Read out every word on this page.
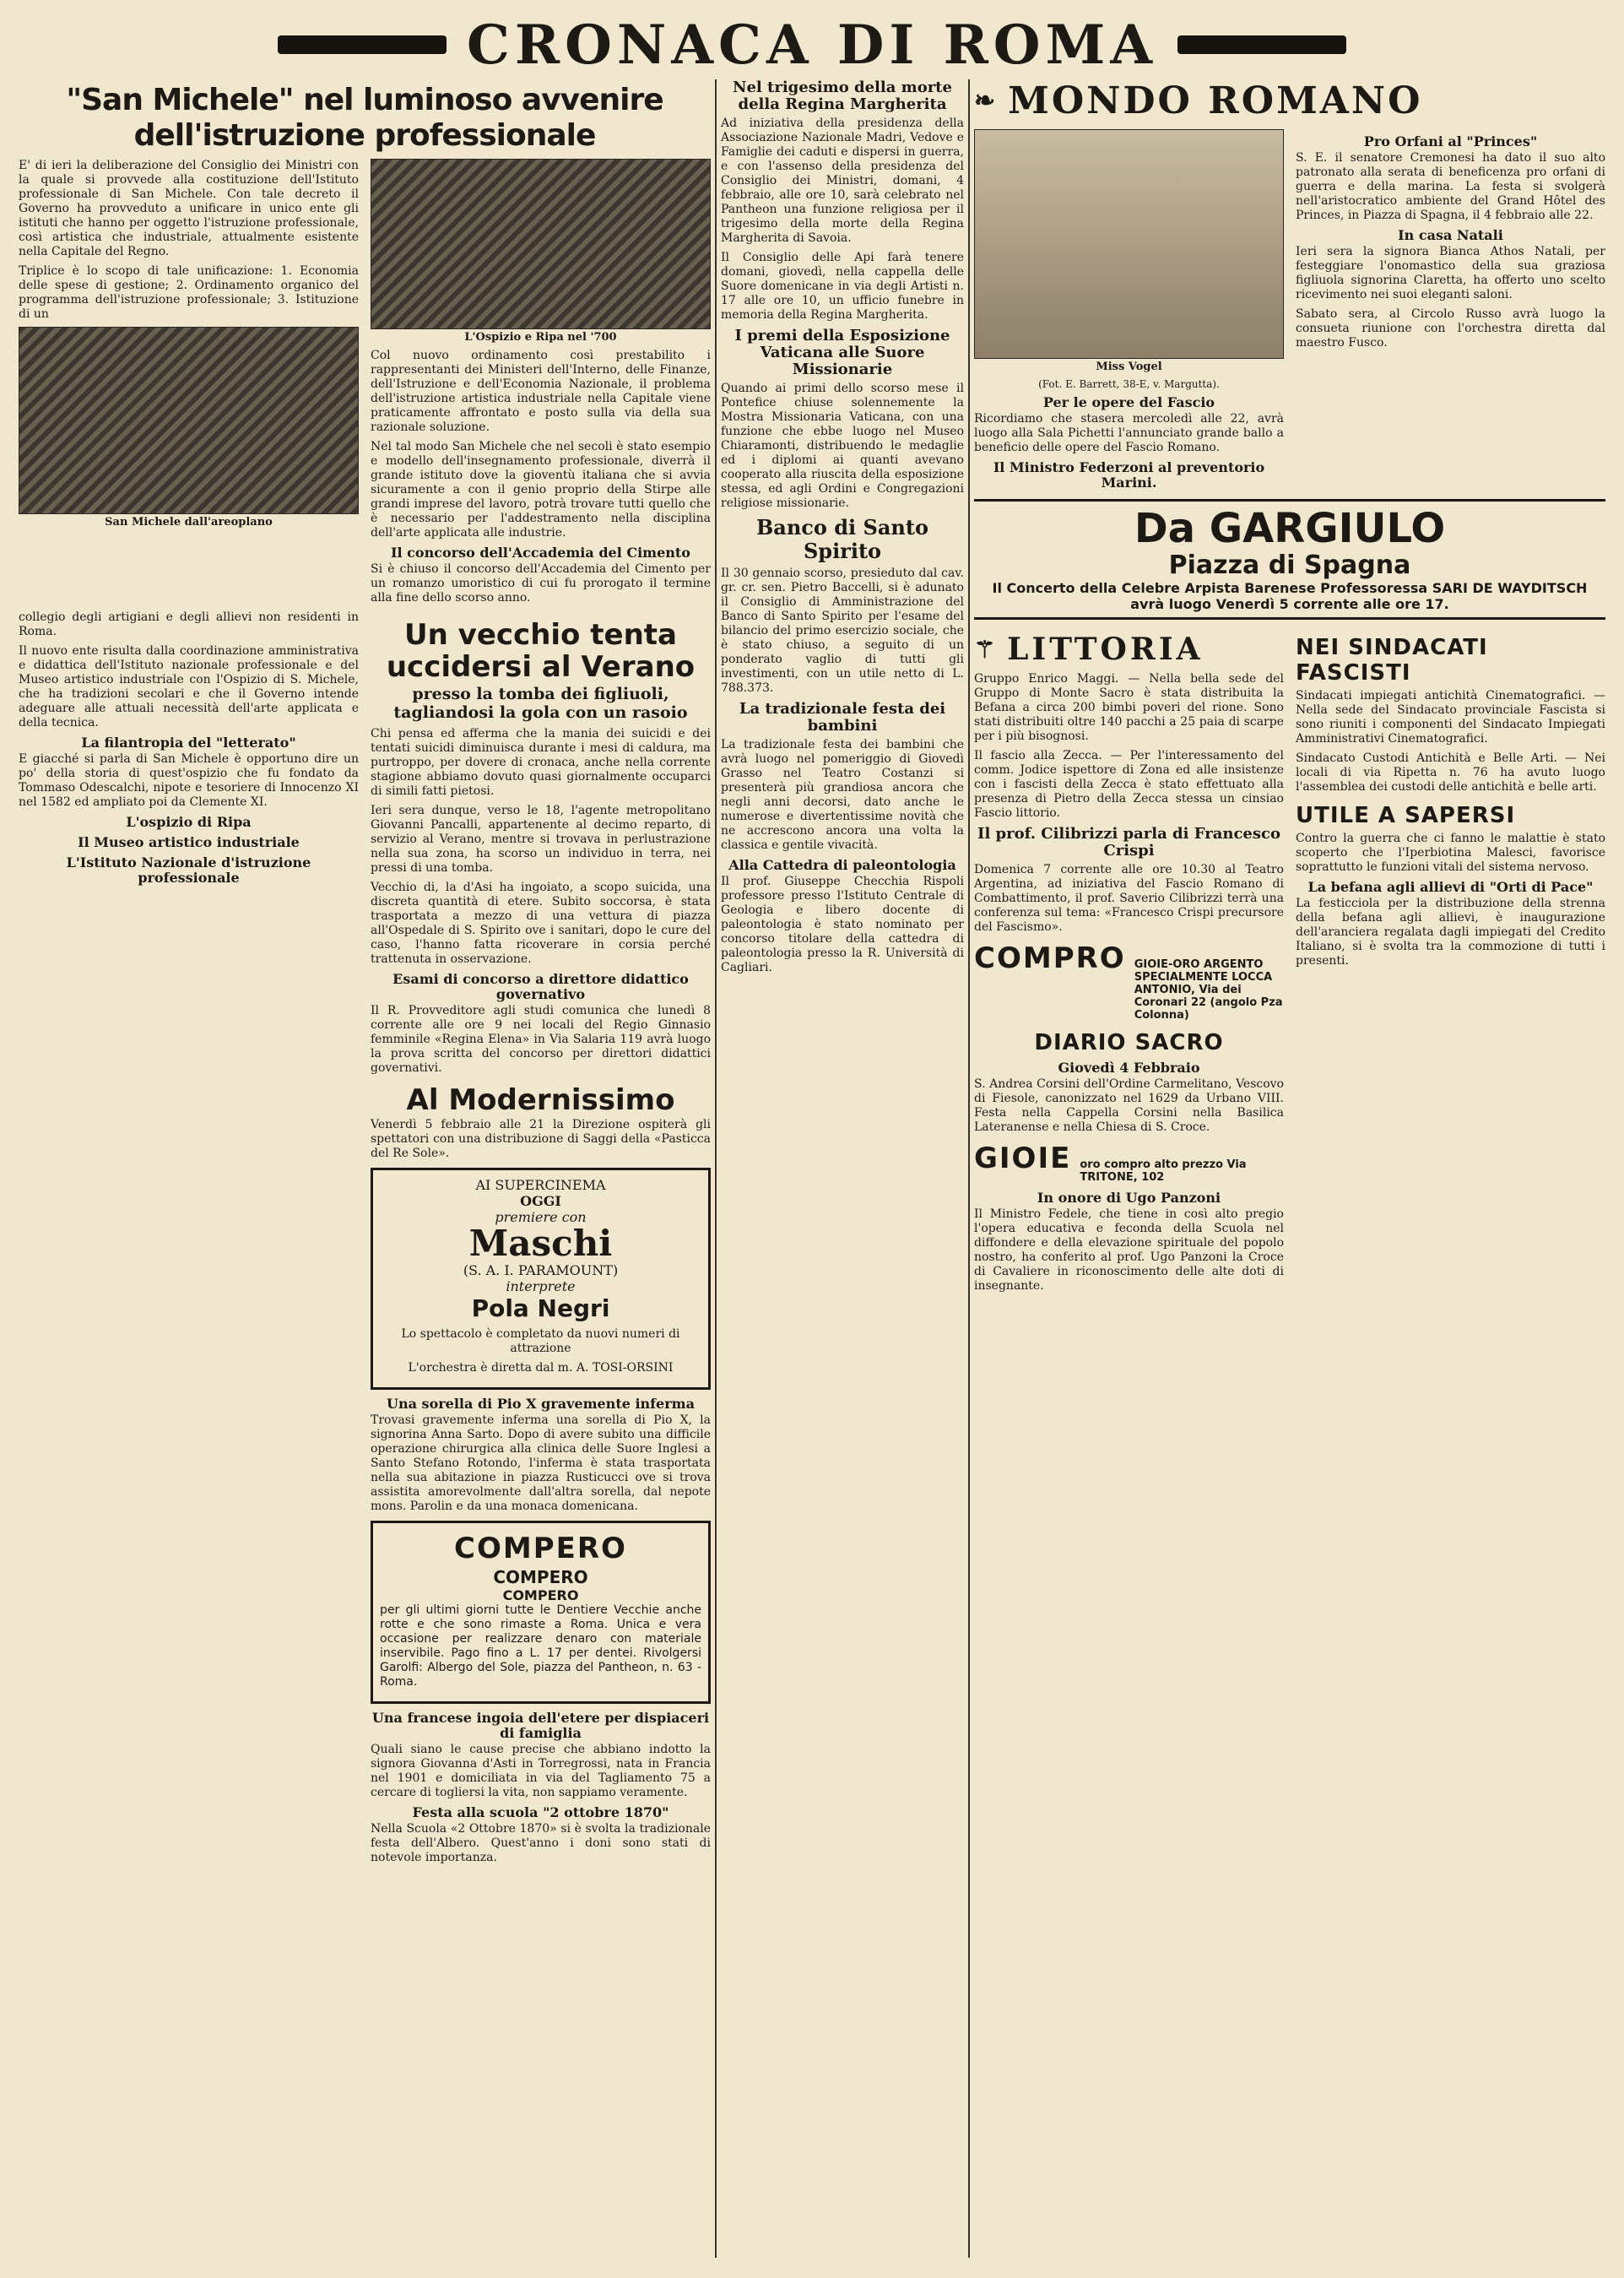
CRONACA DI ROMA
"San Michele" nel luminoso avvenire dell'istruzione professionale

E' di ieri la deliberazione del Consiglio dei Ministri con la quale si provvede alla costituzione dell'Istituto professionale di San Michele. Con tale decreto il Governo ha provveduto a unificare in unico ente gli istituti che hanno per oggetto l'istruzione professionale, così artistica che industriale, attualmente esistente nella Capitale del Regno.

Triplice è lo scopo di tale unificazione: 1. Economia delle spese di gestione; 2. Ordinamento organico del programma dell'istruzione professionale; 3. Istituzione di un

San Michele dall'areoplano
L'Ospizio e Ripa nel '700

Col nuovo ordinamento così prestabilito i rappresentanti dei Ministeri dell'Interno, delle Finanze, dell'Istruzione e dell'Economia Nazionale, il problema dell'istruzione artistica industriale nella Capitale viene praticamente affrontato e posto sulla via della sua razionale soluzione.

Nel tal modo San Michele che nel secoli è stato esempio e modello dell'insegnamento professionale, diverrà il grande istituto dove la gioventù italiana che si avvia sicuramente a con il genio proprio della Stirpe alle grandi imprese del lavoro, potrà trovare tutti quello che è necessario per l'addestramento nella disciplina dell'arte applicata alle industrie.

Il concorso dell'Accademia del Cimento

Si è chiuso il concorso dell'Accademia del Cimento per un romanzo umoristico di cui fu prorogato il termine alla fine dello scorso anno.

collegio degli artigiani e degli allievi non residenti in Roma.

Il nuovo ente risulta dalla coordinazione amministrativa e didattica dell'Istituto nazionale professionale e del Museo artistico industriale con l'Ospizio di S. Michele, che ha tradizioni secolari e che il Governo intende adeguare alle attuali necessità dell'arte applicata e della tecnica.

La filantropia del "letterato"

E giacché si parla di San Michele è opportuno dire un po' della storia di quest'ospizio che fu fondato da Tommaso Odescalchi, nipote e tesoriere di Innocenzo XI nel 1582 ed ampliato poi da Clemente XI.

L'ospizio di Ripa
Il Museo artistico industriale
L'Istituto Nazionale d'istruzione professionale
Un vecchio tenta uccidersi al Verano
presso la tomba dei figliuoli, tagliandosi la gola con un rasoio

Chi pensa ed afferma che la mania dei suicidi e dei tentati suicidi diminuisca durante i mesi di caldura, ma purtroppo, per dovere di cronaca, anche nella corrente stagione abbiamo dovuto quasi giornalmente occuparci di simili fatti pietosi.

Ieri sera dunque, verso le 18, l'agente metropolitano Giovanni Pancalli, appartenente al decimo reparto, di servizio al Verano, mentre si trovava in perlustrazione nella sua zona, ha scorso un individuo in terra, nei pressi di una tomba.

Vecchio di, la d'Asi ha ingoiato, a scopo suicida, una discreta quantità di etere. Subito soccorsa, è stata trasportata a mezzo di una vettura di piazza all'Ospedale di S. Spirito ove i sanitari, dopo le cure del caso, l'hanno fatta ricoverare in corsia perché trattenuta in osservazione.

Esami di concorso a direttore didattico governativo

Il R. Provveditore agli studi comunica che lunedì 8 corrente alle ore 9 nei locali del Regio Ginnasio femminile «Regina Elena» in Via Salaria 119 avrà luogo la prova scritta del concorso per direttori didattici governativi.

Al Modernissimo

Venerdì 5 febbraio alle 21 la Direzione ospiterà gli spettatori con una distribuzione di Saggi della «Pasticca del Re Sole».

AI SUPERCINEMA
OGGI
premiere con
Maschi
(S. A. I. PARAMOUNT)
interprete
Pola Negri

Lo spettacolo è completato da nuovi numeri di attrazione

L'orchestra è diretta dal m. A. TOSI-ORSINI

Una sorella di Pio X gravemente inferma

Trovasi gravemente inferma una sorella di Pio X, la signorina Anna Sarto. Dopo di avere subito una difficile operazione chirurgica alla clinica delle Suore Inglesi a Santo Stefano Rotondo, l'inferma è stata trasportata nella sua abitazione in piazza Rusticucci ove si trova assistita amorevolmente dall'altra sorella, dal nepote mons. Parolin e da una monaca domenicana.

COMPERO
COMPERO
COMPERO

per gli ultimi giorni tutte le Dentiere Vecchie anche rotte e che sono rimaste a Roma. Unica e vera occasione per realizzare denaro con materiale inservibile. Pago fino a L. 17 per dentei. Rivolgersi Garolfi: Albergo del Sole, piazza del Pantheon, n. 63 - Roma.

Una francese ingoia dell'etere per dispiaceri di famiglia

Quali siano le cause precise che abbiano indotto la signora Giovanna d'Asti in Torregrossi, nata in Francia nel 1901 e domiciliata in via del Tagliamento 75 a cercare di togliersi la vita, non sappiamo veramente.

Festa alla scuola "2 ottobre 1870"

Nella Scuola «2 Ottobre 1870» si è svolta la tradizionale festa dell'Albero. Quest'anno i doni sono stati di notevole importanza.

Nel trigesimo della morte della Regina Margherita

Ad iniziativa della presidenza della Associazione Nazionale Madri, Vedove e Famiglie dei caduti e dispersi in guerra, e con l'assenso della presidenza del Consiglio dei Ministri, domani, 4 febbraio, alle ore 10, sarà celebrato nel Pantheon una funzione religiosa per il trigesimo della morte della Regina Margherita di Savoia.

Il Consiglio delle Api farà tenere domani, giovedì, nella cappella delle Suore domenicane in via degli Artisti n. 17 alle ore 10, un ufficio funebre in memoria della Regina Margherita.

I premi della Esposizione Vaticana alle Suore Missionarie

Quando ai primi dello scorso mese il Pontefice chiuse solennemente la Mostra Missionaria Vaticana, con una funzione che ebbe luogo nel Museo Chiaramonti, distribuendo le medaglie ed i diplomi ai quanti avevano cooperato alla riuscita della esposizione stessa, ed agli Ordini e Congregazioni religiose missionarie.

Banco di Santo Spirito

Il 30 gennaio scorso, presieduto dal cav. gr. cr. sen. Pietro Baccelli, si è adunato il Consiglio di Amministrazione del Banco di Santo Spirito per l'esame del bilancio del primo esercizio sociale, che è stato chiuso, a seguito di un ponderato vaglio di tutti gli investimenti, con un utile netto di L. 788.373.

La tradizionale festa dei bambini

La tradizionale festa dei bambini che avrà luogo nel pomeriggio di Giovedì Grasso nel Teatro Costanzi si presenterà più grandiosa ancora che negli anni decorsi, dato anche le numerose e divertentissime novità che ne accrescono ancora una volta la classica e gentile vivacità.

Alla Cattedra di paleontologia

Il prof. Giuseppe Checchia Rispoli professore presso l'Istituto Centrale di Geologia e libero docente di paleontologia è stato nominato per concorso titolare della cattedra di paleontologia presso la R. Università di Cagliari.

❧ MONDO ROMANO
Miss Vogel
(Fot. E. Barrett, 38-E, v. Margutta).
Per le opere del Fascio

Ricordiamo che stasera mercoledì alle 22, avrà luogo alla Sala Pichetti l'annunciato grande ballo a beneficio delle opere del Fascio Romano.

Il Ministro Federzoni al preventorio Marini.
Pro Orfani al "Princes"

S. E. il senatore Cremonesi ha dato il suo alto patronato alla serata di beneficenza pro orfani di guerra e della marina. La festa si svolgerà nell'aristocratico ambiente del Grand Hôtel des Princes, in Piazza di Spagna, il 4 febbraio alle 22.

In casa Natali

Ieri sera la signora Bianca Athos Natali, per festeggiare l'onomastico della sua graziosa figliuola signorina Claretta, ha offerto uno scelto ricevimento nei suoi eleganti saloni.

Sabato sera, al Circolo Russo avrà luogo la consueta riunione con l'orchestra diretta dal maestro Fusco.

Da GARGIULO
Piazza di Spagna
Il Concerto della Celebre Arpista Barenese Professoressa SARI DE WAYDITSCH avrà luogo Venerdì 5 corrente alle ore 17.
⚚ LITTORIA

Gruppo Enrico Maggi. — Nella bella sede del Gruppo di Monte Sacro è stata distribuita la Befana a circa 200 bimbi poveri del rione. Sono stati distribuiti oltre 140 pacchi a 25 paia di scarpe per i più bisognosi.

Il fascio alla Zecca. — Per l'interessamento del comm. Jodice ispettore di Zona ed alle insistenze con i fascisti della Zecca è stato effettuato alla presenza di Pietro della Zecca stessa un cinsiao Fascio littorio.

Il prof. Cilibrizzi parla di Francesco Crispi

Domenica 7 corrente alle ore 10.30 al Teatro Argentina, ad iniziativa del Fascio Romano di Combattimento, il prof. Saverio Cilibrizzi terrà una conferenza sul tema: «Francesco Crispi precursore del Fascismo».

COMPRO GIOIE-ORO ARGENTO SPECIALMENTE LOCCA ANTONIO, Via dei Coronari 22 (angolo Pza Colonna)
DIARIO SACRO
Giovedì 4 Febbraio

S. Andrea Corsini dell'Ordine Carmelitano, Vescovo di Fiesole, canonizzato nel 1629 da Urbano VIII. Festa nella Cappella Corsini nella Basilica Lateranense e nella Chiesa di S. Croce.

GIOIE oro compro alto prezzo Via TRITONE, 102
In onore di Ugo Panzoni

Il Ministro Fedele, che tiene in così alto pregio l'opera educativa e feconda della Scuola nel diffondere e della elevazione spirituale del popolo nostro, ha conferito al prof. Ugo Panzoni la Croce di Cavaliere in riconoscimento delle alte doti di insegnante.

NEI SINDACATI FASCISTI

Sindacati impiegati antichità Cinematografici. — Nella sede del Sindacato provinciale Fascista si sono riuniti i componenti del Sindacato Impiegati Amministrativi Cinematografici.

Sindacato Custodi Antichità e Belle Arti. — Nei locali di via Ripetta n. 76 ha avuto luogo l'assemblea dei custodi delle antichità e belle arti.

UTILE A SAPERSI

Contro la guerra che ci fanno le malattie è stato scoperto che l'Iperbiotina Malesci, favorisce soprattutto le funzioni vitali del sistema nervoso.

La befana agli allievi di "Orti di Pace"

La festicciola per la distribuzione della strenna della befana agli allievi, è inaugurazione dell'aranciera regalata dagli impiegati del Credito Italiano, si è svolta tra la commozione di tutti i presenti.
